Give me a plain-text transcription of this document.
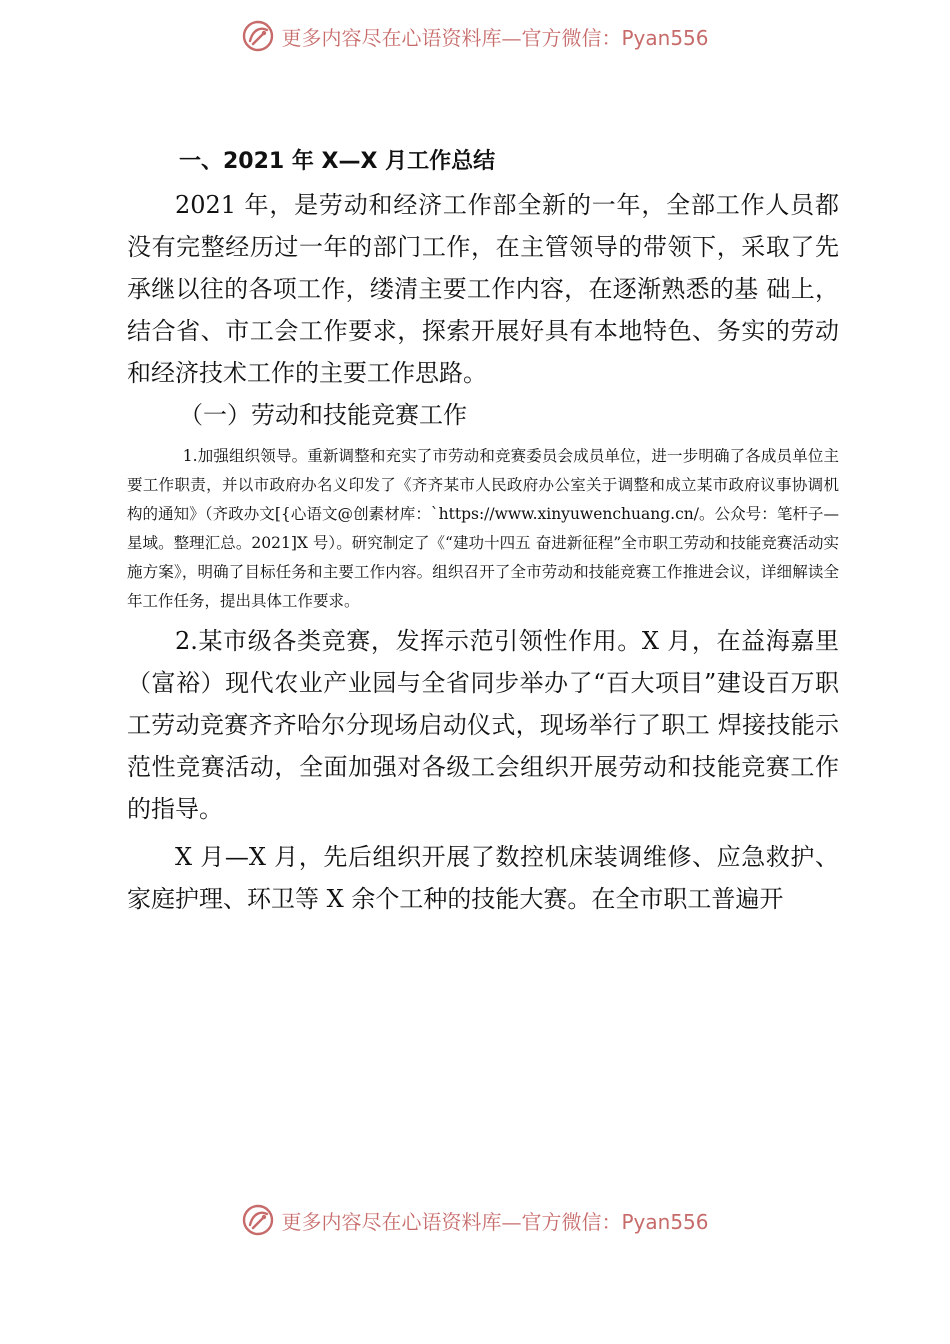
更多内容尽在心语资料库—官方微信：Pyan556
一、2021 年 X—X 月工作总结

2021 年，是劳动和经济工作部全新的一年，全部工作人员都没有完整经历过一年的部门工作，在主管领导的带领下，采取了先承继以往的各项工作，缕清主要工作内容，在逐渐熟悉的基 础上，结合省、市工会工作要求，探索开展好具有本地特色、务实的劳动和经济技术工作的主要工作思路。

（一）劳动和技能竞赛工作

1.加强组织领导。重新调整和充实了市劳动和竞赛委员会成员单位，进一步明确了各成员单位主要工作职责，并以市政府办名义印发了《齐齐某市人民政府办公室关于调整和成立某市政府议事协调机构的通知》（齐政办文[{心语文@创素材库：`https://www.xinyuwenchuang.cn/。公众号：笔杆子—星域。整理汇总。2021]X 号）。研究制定了《“建功十四五 奋进新征程”全市职工劳动和技能竞赛活动实施方案》，明确了目标任务和主要工作内容。组织召开了全市劳动和技能竞赛工作推进会议，详细解读全年工作任务，提出具体工作要求。

2.某市级各类竞赛，发挥示范引领性作用。X 月，在益海嘉里（富裕）现代农业产业园与全省同步举办了“百大项目”建设百万职工劳动竞赛齐齐哈尔分现场启动仪式，现场举行了职工 焊接技能示范性竞赛活动，全面加强对各级工会组织开展劳动和技能竞赛工作的指导。

X 月—X 月，先后组织开展了数控机床装调维修、应急救护、家庭护理、环卫等 X 余个工种的技能大赛。在全市职工普遍开

更多内容尽在心语资料库—官方微信：Pyan556
